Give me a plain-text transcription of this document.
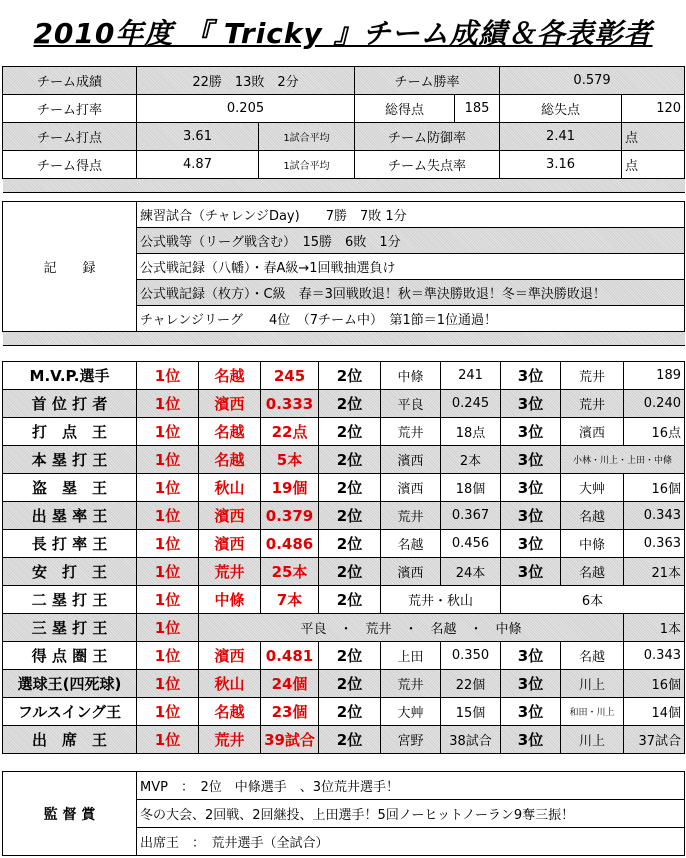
2010年度 『 Tricky 』チーム成績＆各表彰者
チーム成績	22勝　13敗　2分		チーム勝率		0.579	
チーム打率	0.205		総得点	185	総失点	120
チーム打点	3.61	1試合平均	チーム防御率		2.41	点
チーム得点	4.87	1試合平均	チーム失点率		3.16	点

記　　録	練習試合（チャレンジDay)　　7勝　7敗 1分
公式戦等（リーグ戦含む）　15勝　6敗　1分
公式戦記録（八幡）・春A級→1回戦抽選負け
公式戦記録（枚方）・C級　春＝3回戦敗退！秋＝準決勝敗退！冬＝準決勝敗退！
チャレンジリーグ　　4位　（7チーム中）　第1節＝1位通過！

M.V.P.選手	1位	名越	245	2位	中條	241	3位	荒井	189
首 位 打 者	1位	濱西	0.333	2位	平良	0.245	3位	荒井	0.240
打　点　王	1位	名越	22点	2位	荒井	18点	3位	濱西	16点
本 塁 打 王	1位	名越	5本	2位	濱西	2本	3位	小林・川上・上田・中條	
盗　塁　王	1位	秋山	19個	2位	濱西	18個	3位	大艸	16個
出 塁 率 王	1位	濱西	0.379	2位	荒井	0.367	3位	名越	0.343
長 打 率 王	1位	濱西	0.486	2位	名越	0.456	3位	中條	0.363
安　打　王	1位	荒井	25本	2位	濱西	24本	3位	名越	21本
二 塁 打 王	1位	中條	7本	2位	荒井・秋山		6本		
三 塁 打 王	1位	平良　・　荒井　・　名越　・　中條							1本
得 点 圏 王	1位	濱西	0.481	2位	上田	0.350	3位	名越	0.343
選球王(四死球)	1位	秋山	24個	2位	荒井	22個	3位	川上	16個
フルスイング王	1位	名越	23個	2位	大艸	15個	3位	和田・川上	14個
出　席　王	1位	荒井	39試合	2位	宮野	38試合	3位	川上	37試合
監 督 賞	MVP　：　2位　中條選手　、3位荒井選手！
冬の大会、2回戦、2回継投、上田選手！5回ノーヒットノーラン9奪三振！
出席王　：　荒井選手（全試合）
